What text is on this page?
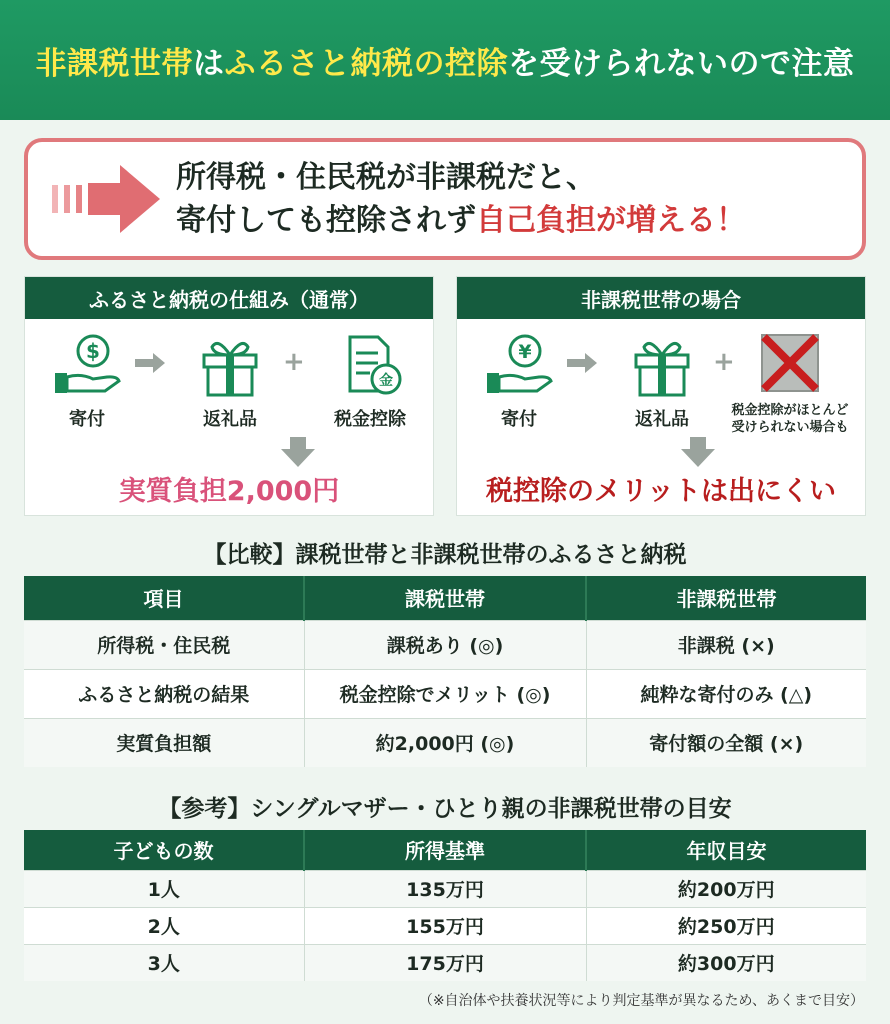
非課税世帯はふるさと納税の控除を受けられないので注意
所得税・住民税が非課税だと、
寄付しても控除されず自己負担が増える！
ふるさと納税の仕組み（通常）
$
寄付	返礼品
+
金
税金控除
実質負担2,000円
非課税世帯の場合
¥
寄付	返礼品
+
税金控除がほとんど
受けられない場合も
税控除のメリットは出にくい
【比較】課税世帯と非課税世帯のふるさと納税
項目	課税世帯	非課税世帯
所得税・住民税	課税あり (◎)	非課税 (×)
ふるさと納税の結果	税金控除でメリット (◎)	純粋な寄付のみ (△)
実質負担額	約2,000円 (◎)	寄付額の全額 (×)
【参考】シングルマザー・ひとり親の非課税世帯の目安
子どもの数	所得基準	年収目安
1人	135万円	約200万円
2人	155万円	約250万円
3人	175万円	約300万円
（※自治体や扶養状況等により判定基準が異なるため、あくまで目安）
